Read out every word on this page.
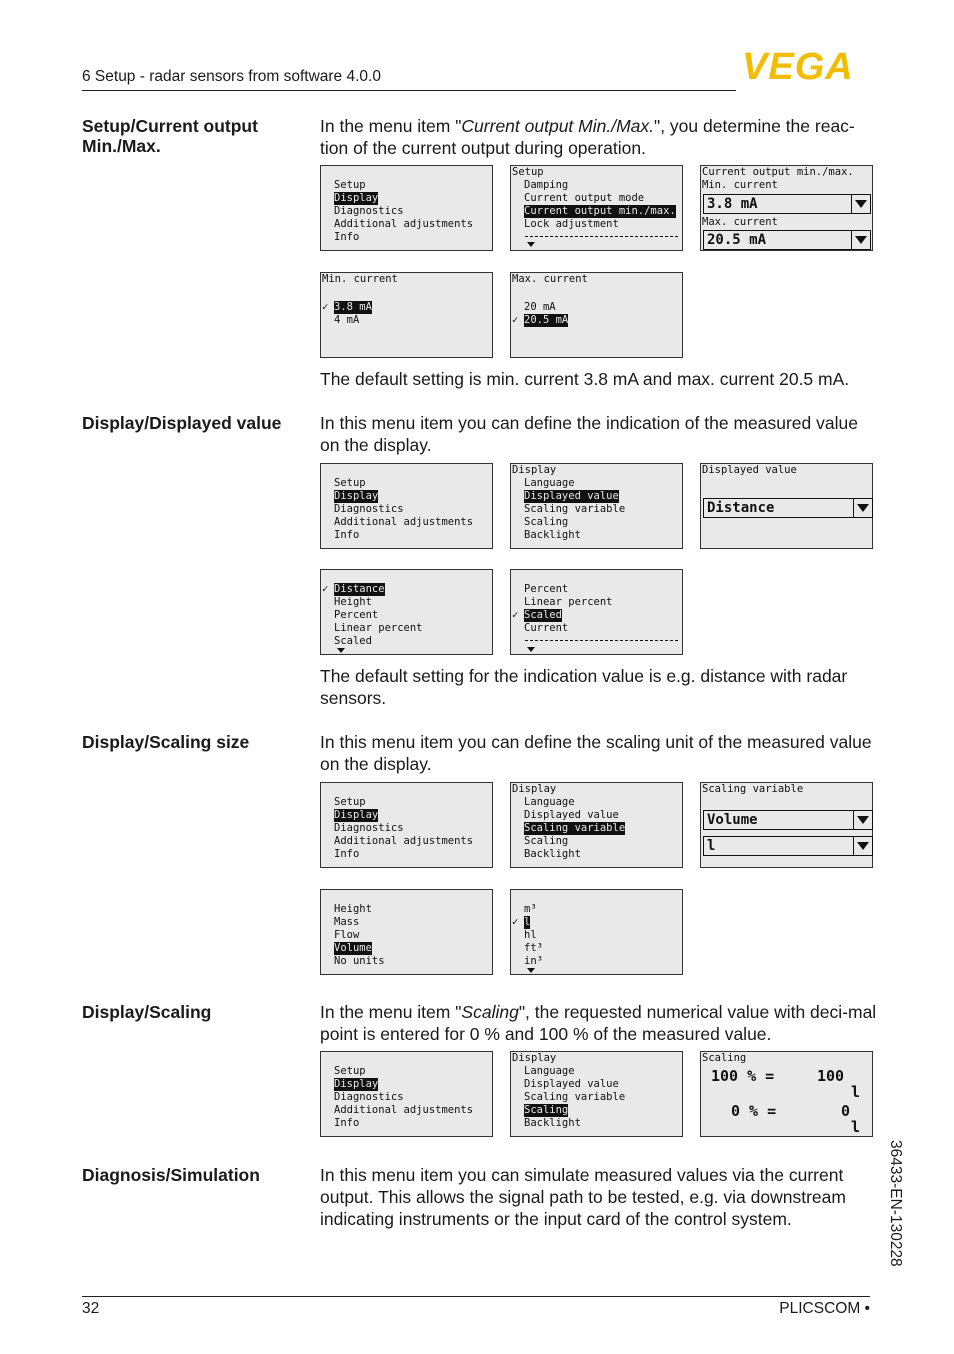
6 Setup - radar sensors from software 4.0.0	VEGA
Setup/Current output Min./Max.
In the menu item "Current output Min./Max.", you determine the reac-tion of the current output during operation.
Setup
Display
Diagnostics
Additional adjustments
Info
Setup
Damping
Current output mode
Current output min./max.
Lock adjustment
Current output min./max.
Min. current
3.8 mA
Max. current
20.5 mA
Min. current
✓ 3.8 mA
4 mA
Max. current
20 mA
✓ 20.5 mA
The default setting is min. current 3.8 mA and max. current 20.5 mA.
Display/Displayed value	In this menu item you can define the indication of the measured value on the display.
Setup
Display
Diagnostics
Additional adjustments
Info
Display
Language
Displayed value
Scaling variable
Scaling
Backlight
Displayed value
Distance
✓ Distance
Height
Percent
Linear percent
Scaled
Percent
Linear percent
✓ Scaled
Current
The default setting for the indication value is e.g. distance with radar sensors.
Display/Scaling size	In this menu item you can define the scaling unit of the measured value on the display.
Setup
Display
Diagnostics
Additional adjustments
Info
Display
Language
Displayed value
Scaling variable
Scaling
Backlight
Scaling variable
Volume
l
Height
Mass
Flow
Volume
No units
m³
✓ l
hl
ft³
in³
Display/Scaling	In the menu item "Scaling", the requested numerical value with deci-mal point is entered for 0 % and 100 % of the measured value.
Setup
Display
Diagnostics
Additional adjustments
Info
Display
Language
Displayed value
Scaling variable
Scaling
Backlight
Scaling
100 % =	100
l
0 % =	0
l
Diagnosis/Simulation	In this menu item you can simulate measured values via the current output. This allows the signal path to be tested, e.g. via downstream indicating instruments or the input card of the control system.	36433-EN-130228
32	PLICSCOM •
